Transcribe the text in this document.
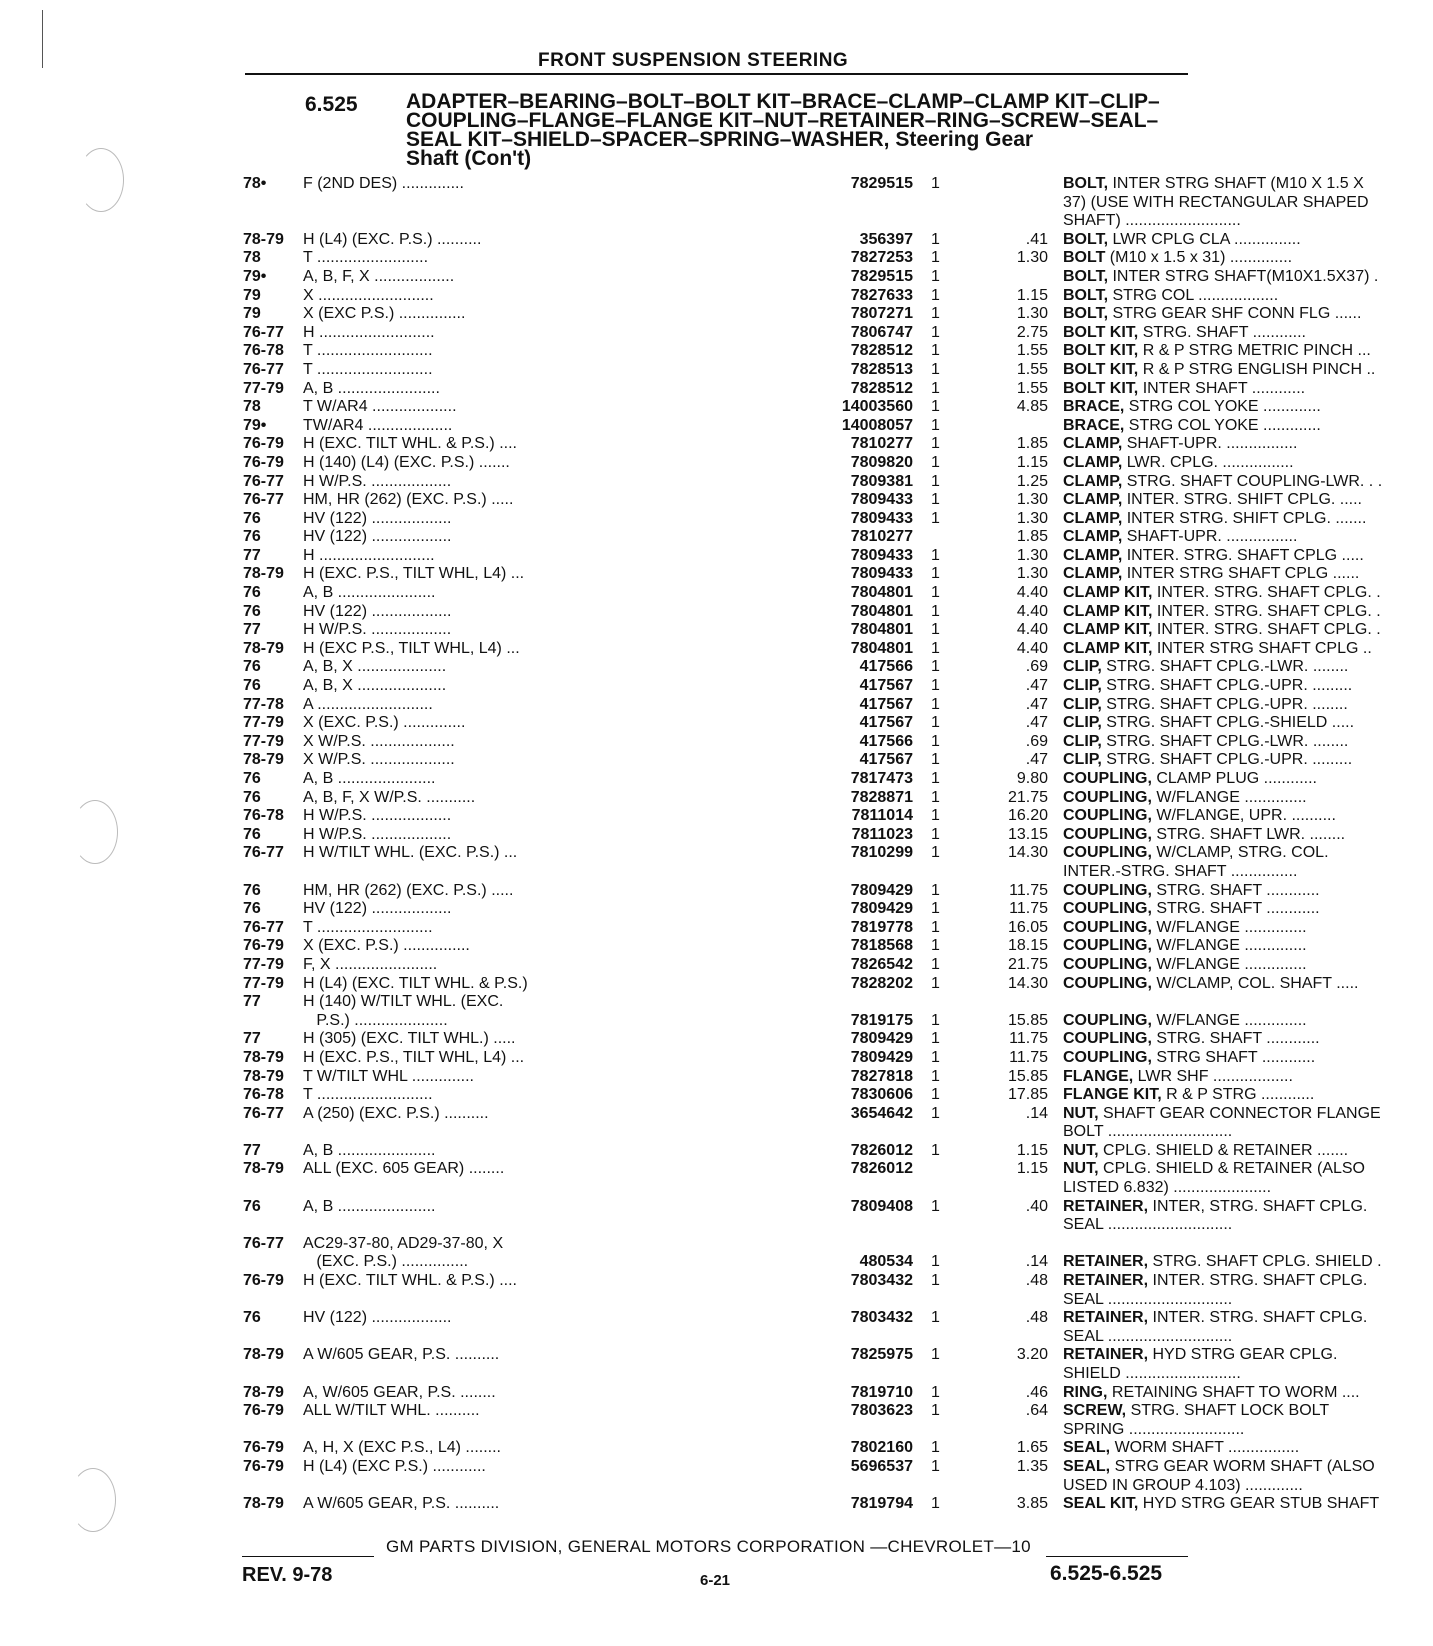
FRONT SUSPENSION STEERING
6.525 ADAPTER–BEARING–BOLT–BOLT KIT–BRACE–CLAMP–CLAMP KIT–CLIP–COUPLING–FLANGE–FLANGE KIT–NUT–RETAINER–RING–SCREW–SEAL–SEAL KIT–SHIELD–SPACER–SPRING–WASHER, Steering Gear
Shaft (Con't)
78•	F (2ND DES) ..............	7829515 1	BOLT, INTER STRG SHAFT (M10 X 1.5 X
37) (USE WITH RECTANGULAR SHAPED
SHAFT) ..........................
78-79	H (L4) (EXC. P.S.) ..........	356397 1	.41 BOLT, LWR CPLG CLA ...............
78	T .........................	7827253 1	1.30 BOLT (M10 x 1.5 x 31) ..............
79•	A, B, F, X ..................	7829515 1	BOLT, INTER STRG SHAFT(M10X1.5X37) .
79	X ..........................	7827633 1	1.15 BOLT, STRG COL ..................
79	X (EXC P.S.) ...............	7807271 1	1.30 BOLT, STRG GEAR SHF CONN FLG ......
76-77	H ..........................	7806747 1	2.75 BOLT KIT, STRG. SHAFT ............
76-78	T ..........................	7828512 1	1.55 BOLT KIT, R & P STRG METRIC PINCH ...
76-77	T ..........................	7828513 1	1.55 BOLT KIT, R & P STRG ENGLISH PINCH ..
77-79	A, B .......................	7828512 1	1.55 BOLT KIT, INTER SHAFT ............
78	T W/AR4 ...................	14003560 1	4.85 BRACE, STRG COL YOKE .............
79•	TW/AR4 ...................	14008057 1	BRACE, STRG COL YOKE .............
76-79	H (EXC. TILT WHL. & P.S.) ....	7810277 1	1.85 CLAMP, SHAFT-UPR. ................
76-79	H (140) (L4) (EXC. P.S.) .......	7809820 1	1.15 CLAMP, LWR. CPLG. ................
76-77	H W/P.S. ..................	7809381 1	1.25 CLAMP, STRG. SHAFT COUPLING-LWR. . .
76-77	HM, HR (262) (EXC. P.S.) .....	7809433 1	1.30 CLAMP, INTER. STRG. SHIFT CPLG. .....
76	HV (122) ..................	7809433 1	1.30 CLAMP, INTER STRG. SHIFT CPLG. .......
76	HV (122) ..................	7810277	1.85 CLAMP, SHAFT-UPR. ................
77	H ..........................	7809433 1	1.30 CLAMP, INTER. STRG. SHAFT CPLG .....
78-79	H (EXC. P.S., TILT WHL, L4) ...	7809433 1	1.30 CLAMP, INTER STRG SHAFT CPLG ......
76	A, B ......................	7804801 1	4.40 CLAMP KIT, INTER. STRG. SHAFT CPLG. .
76	HV (122) ..................	7804801 1	4.40 CLAMP KIT, INTER. STRG. SHAFT CPLG. .
77	H W/P.S. ..................	7804801 1	4.40 CLAMP KIT, INTER. STRG. SHAFT CPLG. .
78-79	H (EXC P.S., TILT WHL, L4) ...	7804801 1	4.40 CLAMP KIT, INTER STRG SHAFT CPLG ..
76	A, B, X ....................	417566 1	.69 CLIP, STRG. SHAFT CPLG.-LWR. ........
76	A, B, X ....................	417567 1	.47 CLIP, STRG. SHAFT CPLG.-UPR. .........
77-78	A ..........................	417567 1	.47 CLIP, STRG. SHAFT CPLG.-UPR. ........
77-79	X (EXC. P.S.) ..............	417567 1	.47 CLIP, STRG. SHAFT CPLG.-SHIELD .....
77-79	X W/P.S. ...................	417566 1	.69 CLIP, STRG. SHAFT CPLG.-LWR. ........
78-79	X W/P.S. ...................	417567 1	.47 CLIP, STRG. SHAFT CPLG.-UPR. .........
76	A, B ......................	7817473 1	9.80 COUPLING, CLAMP PLUG ............
76	A, B, F, X W/P.S. ...........	7828871 1	21.75 COUPLING, W/FLANGE ..............
76-78	H W/P.S. ..................	7811014 1	16.20 COUPLING, W/FLANGE, UPR. ..........
76	H W/P.S. ..................	7811023 1	13.15 COUPLING, STRG. SHAFT LWR. ........
76-77	H W/TILT WHL. (EXC. P.S.) ...	7810299 1	14.30 COUPLING, W/CLAMP, STRG. COL.
INTER.-STRG. SHAFT ...............
76	HM, HR (262) (EXC. P.S.) .....	7809429 1	11.75 COUPLING, STRG. SHAFT ............
76	HV (122) ..................	7809429 1	11.75 COUPLING, STRG. SHAFT ............
76-77	T ..........................	7819778 1	16.05 COUPLING, W/FLANGE ..............
76-79	X (EXC. P.S.) ...............	7818568 1	18.15 COUPLING, W/FLANGE ..............
77-79	F, X .......................	7826542 1	21.75 COUPLING, W/FLANGE ..............
77-79	H (L4) (EXC. TILT WHL. & P.S.)	7828202 1	14.30 COUPLING, W/CLAMP, COL. SHAFT .....
77	H (140) W/TILT WHL. (EXC.
P.S.) .....................	7819175 1	15.85 COUPLING, W/FLANGE ..............
77	H (305) (EXC. TILT WHL.) .....	7809429 1	11.75 COUPLING, STRG. SHAFT ............
78-79	H (EXC. P.S., TILT WHL, L4) ...	7809429 1	11.75 COUPLING, STRG SHAFT ............
78-79	T W/TILT WHL ..............	7827818 1	15.85 FLANGE, LWR SHF ..................
76-78	T ..........................	7830606 1	17.85 FLANGE KIT, R & P STRG ............
76-77	A (250) (EXC. P.S.) ..........	3654642 1	.14 NUT, SHAFT GEAR CONNECTOR FLANGE
BOLT ............................
77	A, B ......................	7826012 1	1.15 NUT, CPLG. SHIELD & RETAINER .......
78-79	ALL (EXC. 605 GEAR) ........	7826012	1.15 NUT, CPLG. SHIELD & RETAINER (ALSO
LISTED 6.832) ......................
76	A, B ......................	7809408 1	.40 RETAINER, INTER, STRG. SHAFT CPLG.
SEAL ............................
76-77	AC29-37-80, AD29-37-80, X
(EXC. P.S.) ...............	480534 1	.14 RETAINER, STRG. SHAFT CPLG. SHIELD .
76-79	H (EXC. TILT WHL. & P.S.) ....	7803432 1	.48 RETAINER, INTER. STRG. SHAFT CPLG.
SEAL ............................
76	HV (122) ..................	7803432 1	.48 RETAINER, INTER. STRG. SHAFT CPLG.
SEAL ............................
78-79	A W/605 GEAR, P.S. ..........	7825975 1	3.20 RETAINER, HYD STRG GEAR CPLG.
SHIELD ..........................
78-79	A, W/605 GEAR, P.S. ........	7819710 1	.46 RING, RETAINING SHAFT TO WORM ....
76-79	ALL W/TILT WHL. ..........	7803623 1	.64 SCREW, STRG. SHAFT LOCK BOLT
SPRING ..........................
76-79	A, H, X (EXC P.S., L4) ........	7802160 1	1.65 SEAL, WORM SHAFT ................
76-79	H (L4) (EXC P.S.) ............	5696537 1	1.35 SEAL, STRG GEAR WORM SHAFT (ALSO
USED IN GROUP 4.103) .............
78-79	A W/605 GEAR, P.S. ..........	7819794 1	3.85 SEAL KIT, HYD STRG GEAR STUB SHAFT
GM PARTS DIVISION, GENERAL MOTORS CORPORATION —CHEVROLET—10
REV. 9-78	6-21	6.525-6.525
